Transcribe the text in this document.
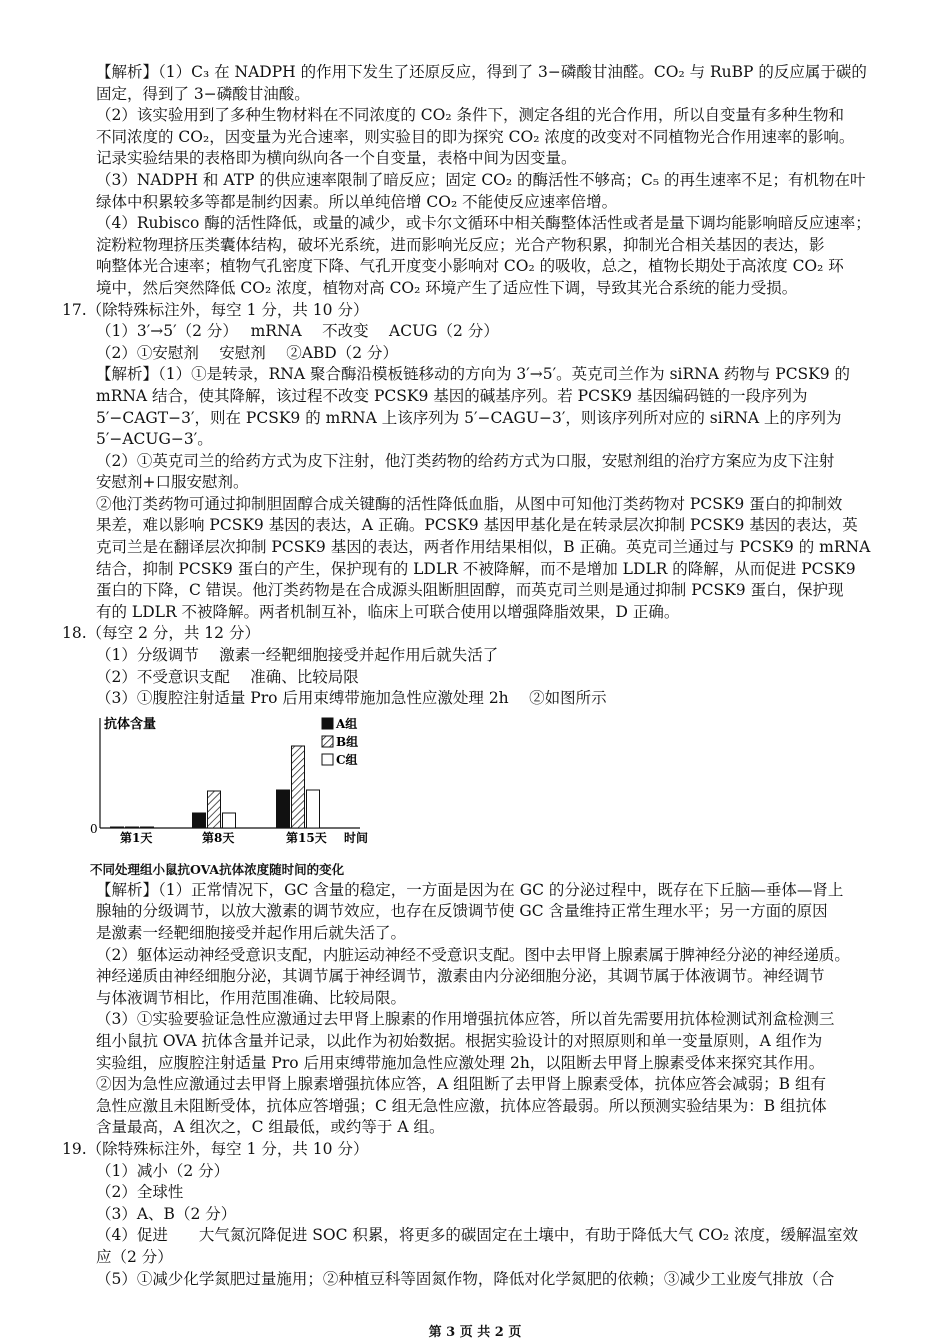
【解析】（1）C₃ 在 NADPH 的作用下发生了还原反应，得到了 3−磷酸甘油醛。CO₂ 与 RuBP 的反应属于碳的
固定，得到了 3−磷酸甘油酸。
（2）该实验用到了多种生物材料在不同浓度的 CO₂ 条件下，测定各组的光合作用，所以自变量有多种生物和
不同浓度的 CO₂，因变量为光合速率，则实验目的即为探究 CO₂ 浓度的改变对不同植物光合作用速率的影响。
记录实验结果的表格即为横向纵向各一个自变量，表格中间为因变量。
（3）NADPH 和 ATP 的供应速率限制了暗反应；固定 CO₂ 的酶活性不够高；C₅ 的再生速率不足；有机物在叶
绿体中积累较多等都是制约因素。所以单纯倍增 CO₂ 不能使反应速率倍增。
（4）Rubisco 酶的活性降低，或量的减少，或卡尔文循环中相关酶整体活性或者是量下调均能影响暗反应速率；
淀粉粒物理挤压类囊体结构，破坏光系统，进而影响光反应；光合产物积累，抑制光合相关基因的表达，影
响整体光合速率；植物气孔密度下降、气孔开度变小影响对 CO₂ 的吸收，总之，植物长期处于高浓度 CO₂ 环
境中，然后突然降低 CO₂ 浓度，植物对高 CO₂ 环境产生了适应性下调，导致其光合系统的能力受损。
17.（除特殊标注外，每空 1 分，共 10 分）
（1）3′→5′（2 分）　 mRNA　 不改变　 ACUG（2 分）
（2）①安慰剂　 安慰剂　 ②ABD（2 分）
【解析】（1）①是转录，RNA 聚合酶沿模板链移动的方向为 3′→5′。英克司兰作为 siRNA 药物与 PCSK9 的
mRNA 结合，使其降解，该过程不改变 PCSK9 基因的碱基序列。若 PCSK9 基因编码链的一段序列为
5′−CAGT−3′，则在 PCSK9 的 mRNA 上该序列为 5′−CAGU−3′，则该序列所对应的 siRNA 上的序列为
5′−ACUG−3′。
（2）①英克司兰的给药方式为皮下注射，他汀类药物的给药方式为口服，安慰剂组的治疗方案应为皮下注射
安慰剂+口服安慰剂。
②他汀类药物可通过抑制胆固醇合成关键酶的活性降低血脂，从图中可知他汀类药物对 PCSK9 蛋白的抑制效
果差，难以影响 PCSK9 基因的表达，A 正确。PCSK9 基因甲基化是在转录层次抑制 PCSK9 基因的表达，英
克司兰是在翻译层次抑制 PCSK9 基因的表达，两者作用结果相似，B 正确。英克司兰通过与 PCSK9 的 mRNA
结合，抑制 PCSK9 蛋白的产生，保护现有的 LDLR 不被降解，而不是增加 LDLR 的降解，从而促进 PCSK9
蛋白的下降，C 错误。他汀类药物是在合成源头阻断胆固醇，而英克司兰则是通过抑制 PCSK9 蛋白，保护现
有的 LDLR 不被降解。两者机制互补，临床上可联合使用以增强降脂效果，D 正确。
18.（每空 2 分，共 12 分）
（1）分级调节　 激素一经靶细胞接受并起作用后就失活了
（2）不受意识支配　 准确、比较局限
（3）①腹腔注射适量 Pro 后用束缚带施加急性应激处理 2h　 ②如图所示
抗体含量
0
第1天	第8天	第15天 时间
A组
B组
C组
不同处理组小鼠抗OVA抗体浓度随时间的变化
【解析】（1）正常情况下，GC 含量的稳定，一方面是因为在 GC 的分泌过程中，既存在下丘脑—垂体—肾上
腺轴的分级调节，以放大激素的调节效应，也存在反馈调节使 GC 含量维持正常生理水平；另一方面的原因
是激素一经靶细胞接受并起作用后就失活了。
（2）躯体运动神经受意识支配，内脏运动神经不受意识支配。图中去甲肾上腺素属于脾神经分泌的神经递质。
神经递质由神经细胞分泌，其调节属于神经调节，激素由内分泌细胞分泌，其调节属于体液调节。神经调节
与体液调节相比，作用范围准确、比较局限。
（3）①实验要验证急性应激通过去甲肾上腺素的作用增强抗体应答，所以首先需要用抗体检测试剂盒检测三
组小鼠抗 OVA 抗体含量并记录，以此作为初始数据。根据实验设计的对照原则和单一变量原则，A 组作为
实验组，应腹腔注射适量 Pro 后用束缚带施加急性应激处理 2h，以阻断去甲肾上腺素受体来探究其作用。
②因为急性应激通过去甲肾上腺素增强抗体应答，A 组阻断了去甲肾上腺素受体，抗体应答会减弱；B 组有
急性应激且未阻断受体，抗体应答增强；C 组无急性应激，抗体应答最弱。所以预测实验结果为：B 组抗体
含量最高，A 组次之，C 组最低，或约等于 A 组。
19.（除特殊标注外，每空 1 分，共 10 分）
（1）减小（2 分）
（2）全球性
（3）A、B（2 分）
（4）促进　　大气氮沉降促进 SOC 积累，将更多的碳固定在土壤中，有助于降低大气 CO₂ 浓度，缓解温室效
应（2 分）
（5）①减少化学氮肥过量施用；②种植豆科等固氮作物，降低对化学氮肥的依赖；③减少工业废气排放（合
第 3 页 共 2 页
